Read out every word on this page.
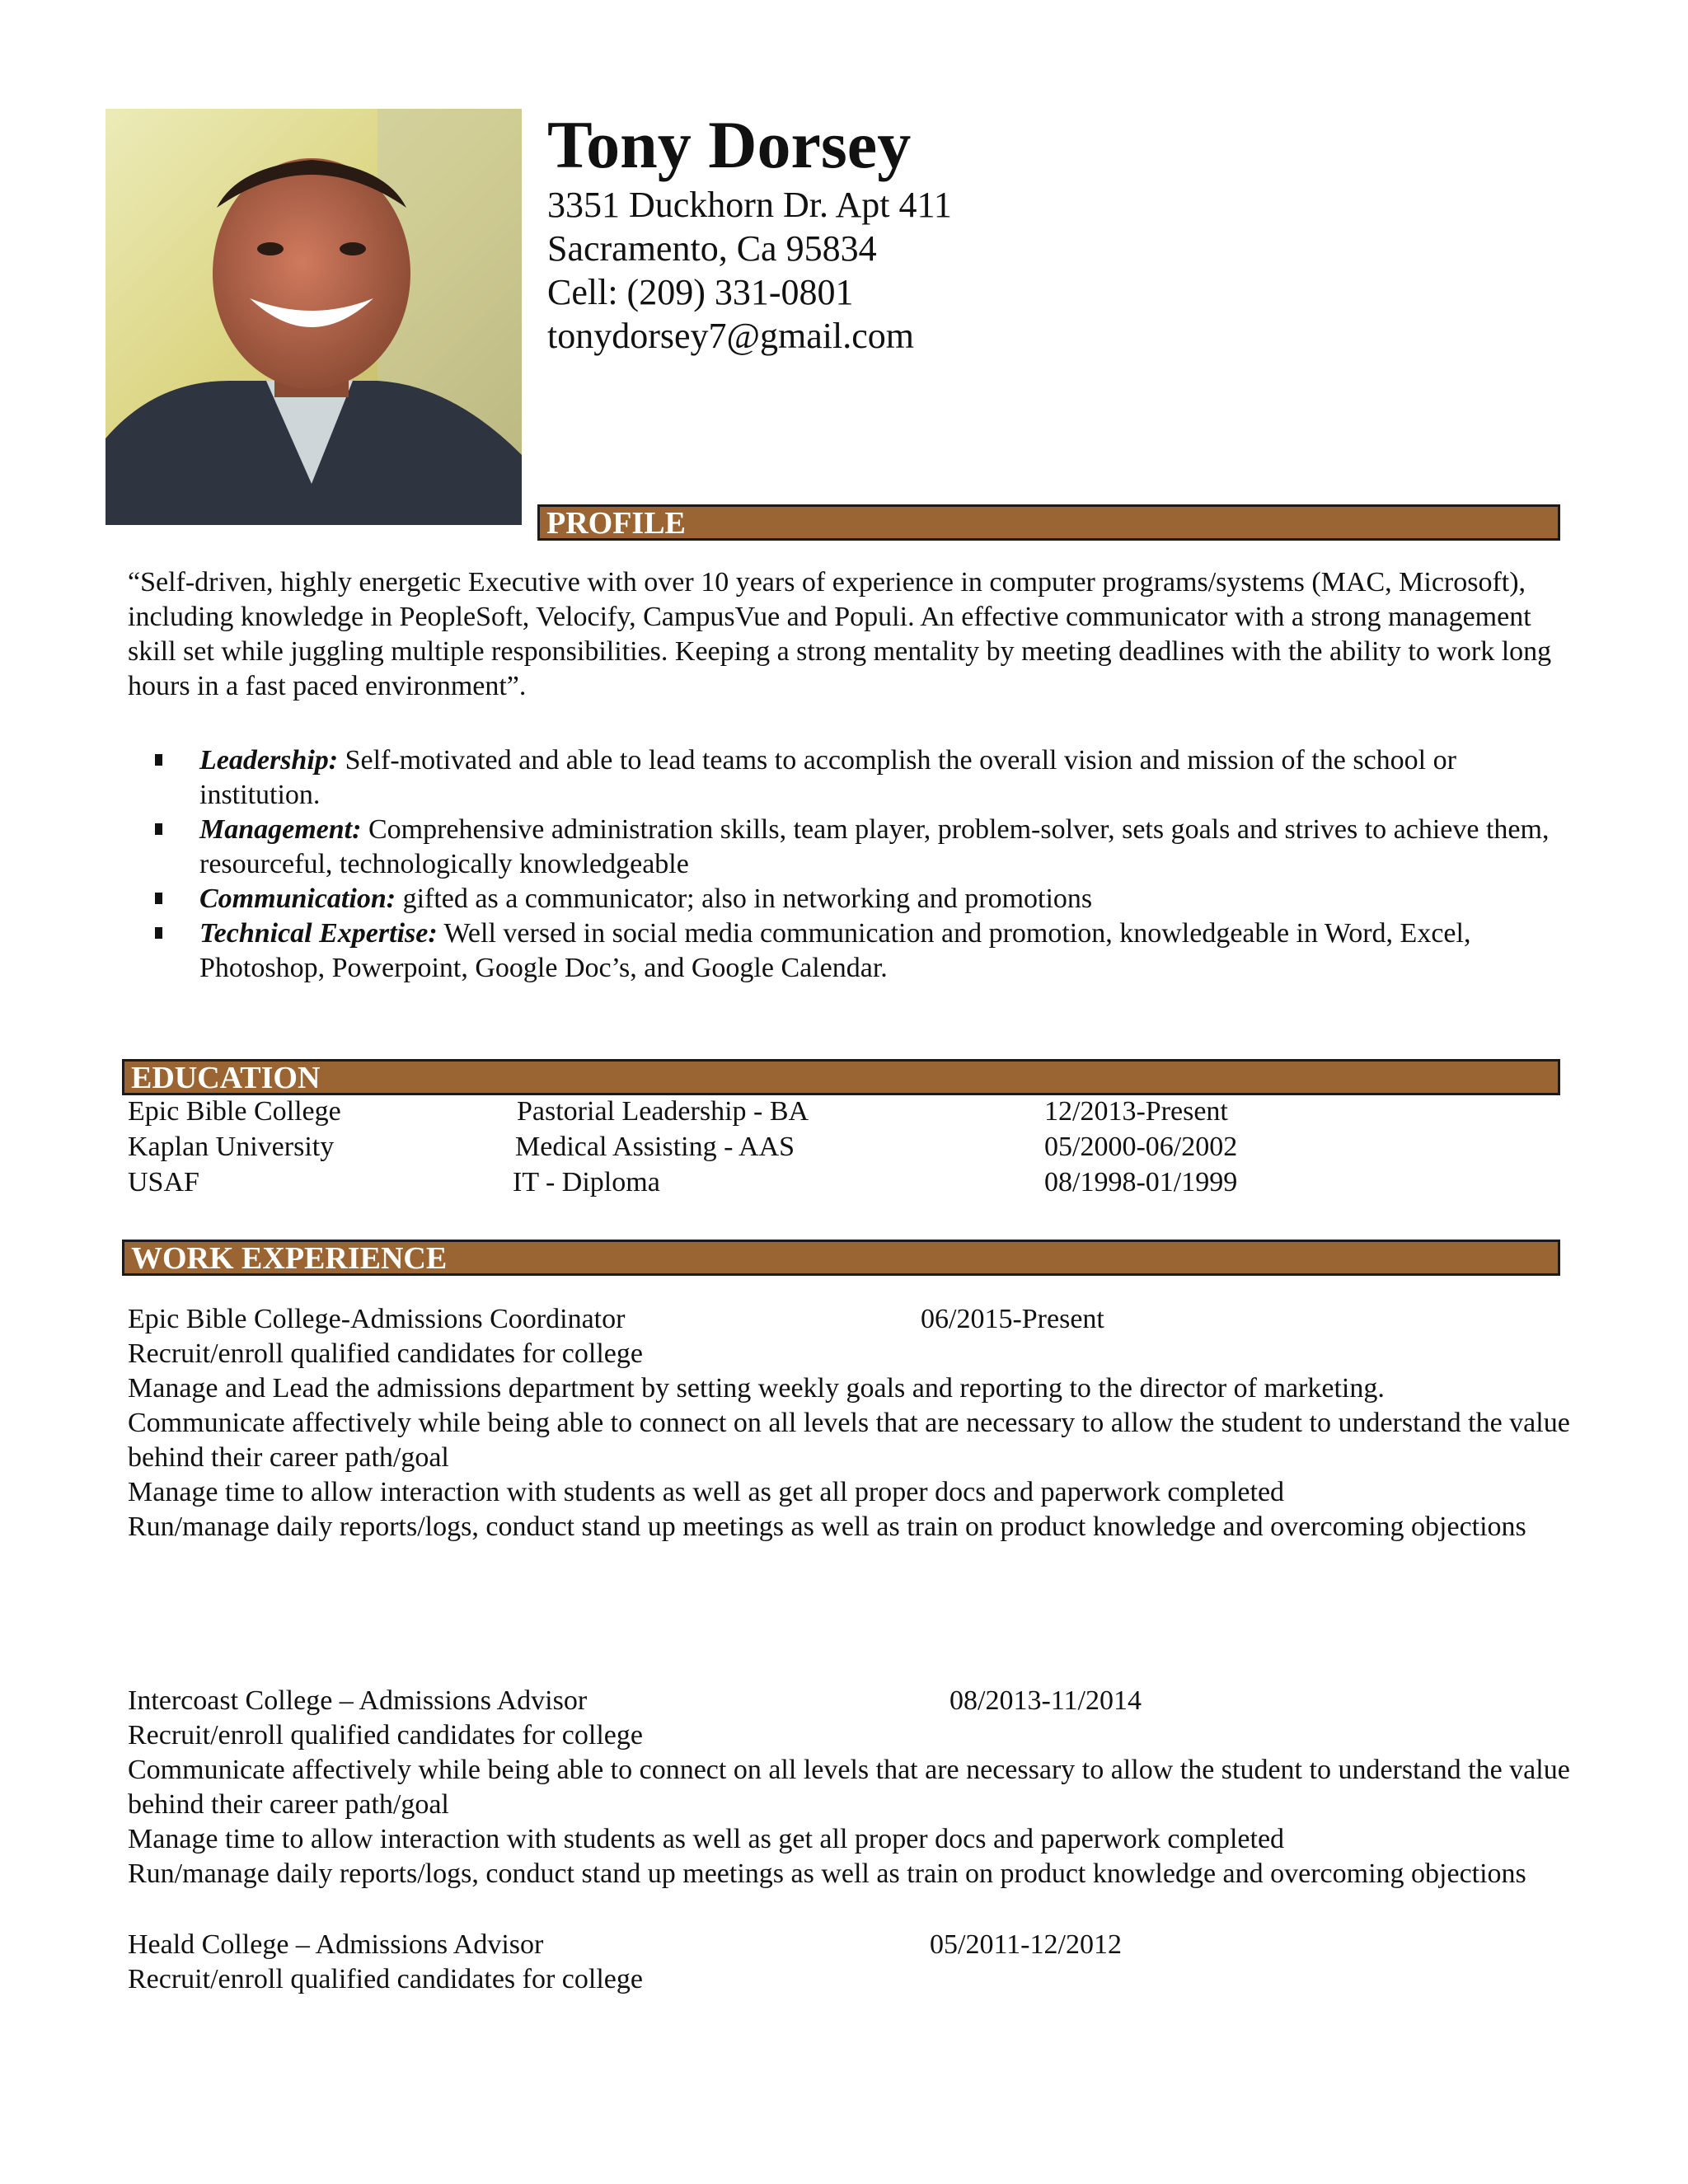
Tony Dorsey
3351 Duckhorn Dr. Apt 411
Sacramento, Ca 95834
Cell: (209) 331-0801
tonydorsey7@gmail.com
PROFILE
“Self-driven, highly energetic Executive with over 10 years of experience in computer programs/systems (MAC, Microsoft), including knowledge in PeopleSoft, Velocify, CampusVue and Populi. An effective communicator with a strong management skill set while juggling multiple responsibilities. Keeping a strong mentality by meeting deadlines with the ability to work long hours in a fast paced environment”.
Leadership: Self-motivated and able to lead teams to accomplish the overall vision and mission of the school or institution.
Management: Comprehensive administration skills, team player, problem-solver, sets goals and strives to achieve them, resourceful, technologically knowledgeable
Communication: gifted as a communicator; also in networking and promotions
Technical Expertise: Well versed in social media communication and promotion, knowledgeable in Word, Excel, Photoshop, Powerpoint, Google Doc’s, and Google Calendar.
EDUCATION
Epic Bible College	Pastorial Leadership - BA	12/2013-Present
Kaplan University	Medical Assisting - AAS	05/2000-06/2002
USAF	IT - Diploma	08/1998-01/1999
WORK EXPERIENCE
Epic Bible College-Admissions Coordinator	06/2015-Present
Recruit/enroll qualified candidates for college
Manage and Lead the admissions department by setting weekly goals and reporting to the director of marketing.
Communicate affectively while being able to connect on all levels that are necessary to allow the student to understand the value behind their career path/goal
Manage time to allow interaction with students as well as get all proper docs and paperwork completed
Run/manage daily reports/logs, conduct stand up meetings as well as train on product knowledge and overcoming objections
Intercoast College – Admissions Advisor	08/2013-11/2014
Recruit/enroll qualified candidates for college
Communicate affectively while being able to connect on all levels that are necessary to allow the student to understand the value behind their career path/goal
Manage time to allow interaction with students as well as get all proper docs and paperwork completed
Run/manage daily reports/logs, conduct stand up meetings as well as train on product knowledge and overcoming objections
Heald College – Admissions Advisor	05/2011-12/2012
Recruit/enroll qualified candidates for college
